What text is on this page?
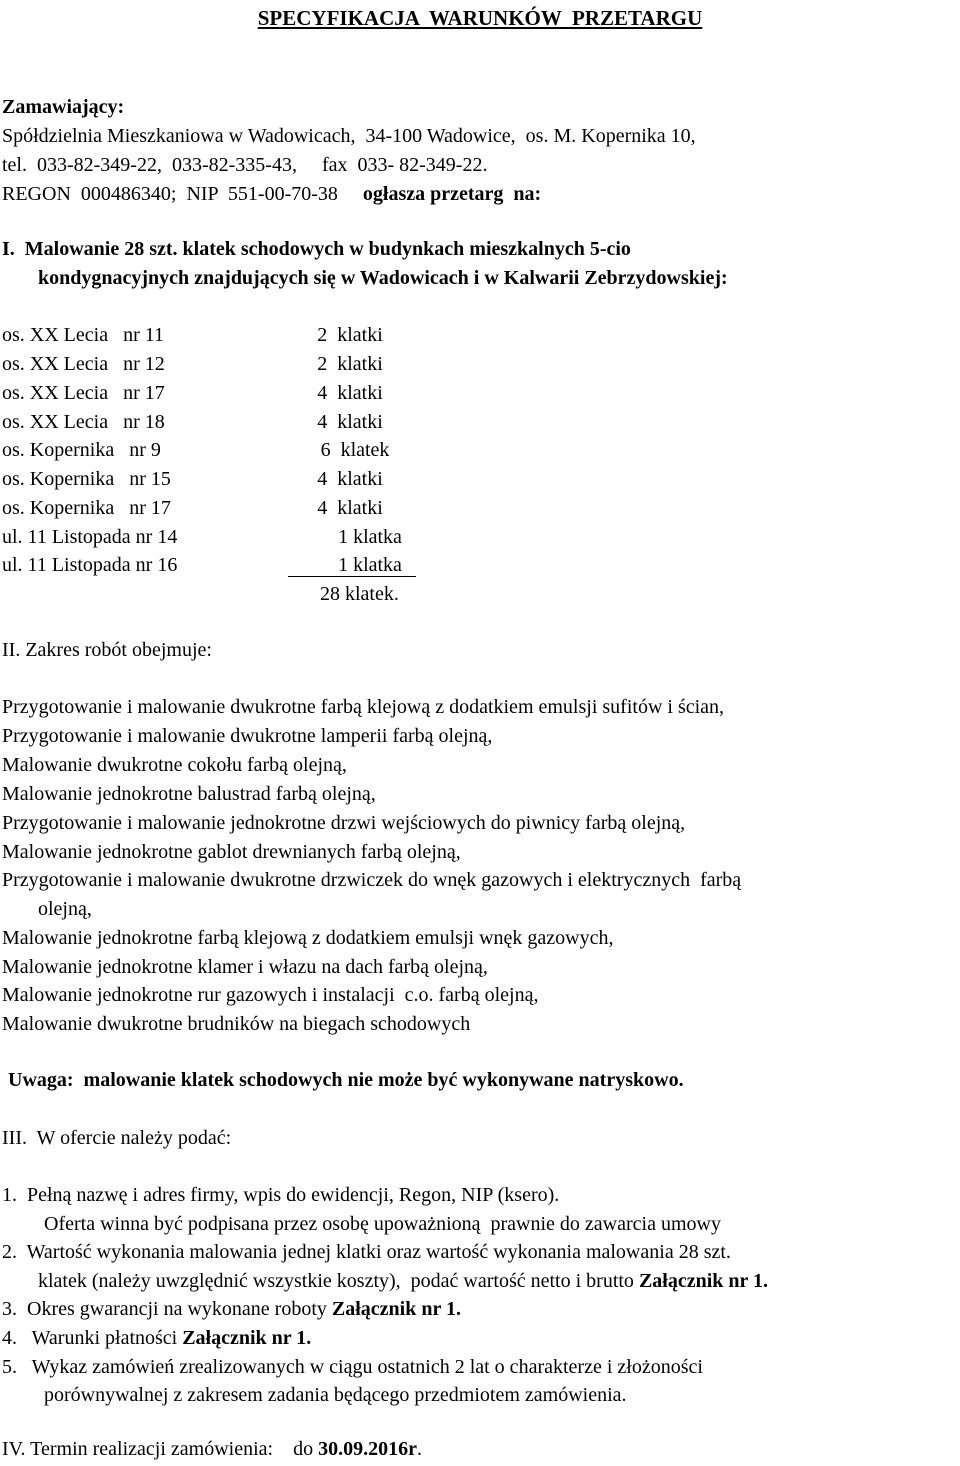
SPECYFIKACJA  WARUNKÓW  PRZETARGU
Zamawiający:
Spółdzielnia Mieszkaniowa w Wadowicach,  34-100 Wadowice,  os. M. Kopernika 10,
tel.  033-82-349-22,  033-82-335-43,     fax  033- 82-349-22.
REGON  000486340;  NIP  551-00-70-38 ogłasza przetarg  na:
I.  Malowanie 28 szt. klatek schodowych w budynkach mieszkalnych 5-cio
kondygnacyjnych znajdujących się w Wadowicach i w Kalwarii Zebrzydowskiej:
os. XX Lecia   nr 11	2  klatki
os. XX Lecia   nr 12	2  klatki
os. XX Lecia   nr 17	4  klatki
os. XX Lecia   nr 18	4  klatki
os. Kopernika   nr 9	6  klatek
os. Kopernika   nr 15	4  klatki
os. Kopernika   nr 17	4  klatki
ul. 11 Listopada nr 14	1 klatka
ul. 11 Listopada nr 16	1 klatka
28 klatek.
II. Zakres robót obejmuje:
Przygotowanie i malowanie dwukrotne farbą klejową z dodatkiem emulsji sufitów i ścian,
Przygotowanie i malowanie dwukrotne lamperii farbą olejną,
Malowanie dwukrotne cokołu farbą olejną,
Malowanie jednokrotne balustrad farbą olejną,
Przygotowanie i malowanie jednokrotne drzwi wejściowych do piwnicy farbą olejną,
Malowanie jednokrotne gablot drewnianych farbą olejną,
Przygotowanie i malowanie dwukrotne drzwiczek do wnęk gazowych i elektrycznych  farbą
olejną,
Malowanie jednokrotne farbą klejową z dodatkiem emulsji wnęk gazowych,
Malowanie jednokrotne klamer i włazu na dach farbą olejną,
Malowanie jednokrotne rur gazowych i instalacji  c.o. farbą olejną,
Malowanie dwukrotne brudników na biegach schodowych
Uwaga:  malowanie klatek schodowych nie może być wykonywane natryskowo.
III.  W ofercie należy podać:
1.  Pełną nazwę i adres firmy, wpis do ewidencji, Regon, NIP (ksero).
Oferta winna być podpisana przez osobę upoważnioną  prawnie do zawarcia umowy
2.  Wartość wykonania malowania jednej klatki oraz wartość wykonania malowania 28 szt.
klatek (należy uwzględnić wszystkie koszty),  podać wartość netto i brutto Załącznik nr 1.
3.  Okres gwarancji na wykonane roboty Załącznik nr 1.
4.   Warunki płatności Załącznik nr 1.
5.   Wykaz zamówień zrealizowanych w ciągu ostatnich 2 lat o charakterze i złożoności
porównywalnej z zakresem zadania będącego przedmiotem zamówienia.
IV. Termin realizacji zamówienia:    do 30.09.2016r.
